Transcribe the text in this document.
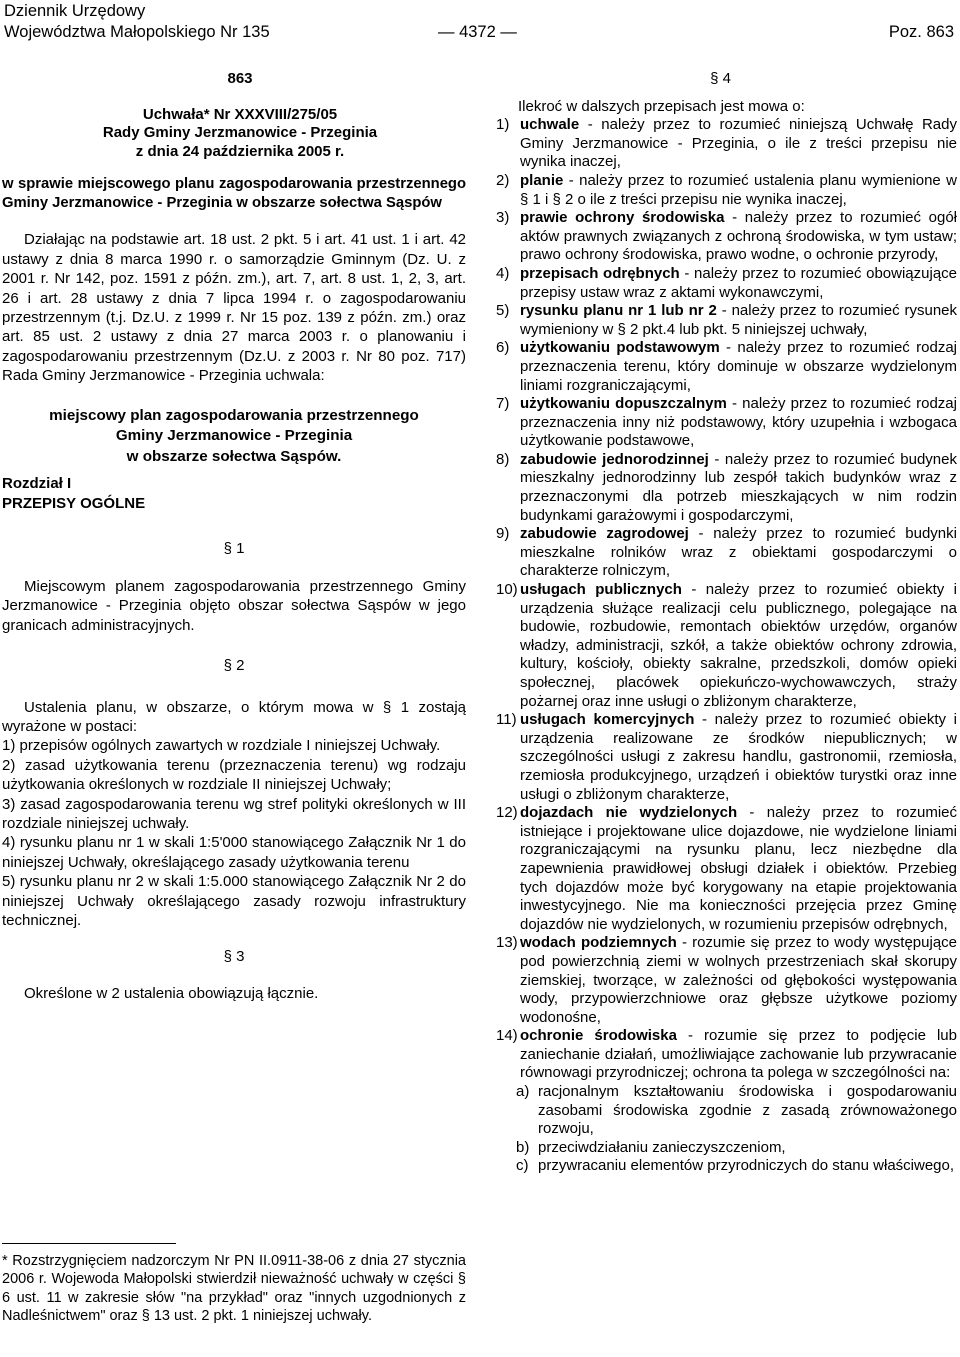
Dziennik Urzędowy
Województwa Małopolskiego Nr 135	— 4372 —	Poz. 863
863
Uchwała* Nr XXXVIII/275/05
Rady Gminy Jerzmanowice - Przeginia
z dnia 24 października 2005 r.
w sprawie miejscowego planu zagospodarowania przestrzennego Gminy Jerzmanowice - Przeginia w obszarze sołectwa Sąspów
Działając na podstawie art. 18 ust. 2 pkt. 5 i art. 41 ust. 1 i art. 42 ustawy z dnia 8 marca 1990 r. o samorządzie Gminnym (Dz. U. z 2001 r. Nr 142, poz. 1591 z późn. zm.), art. 7, art. 8 ust. 1, 2, 3, art. 26 i art. 28 ustawy z dnia 7 lipca 1994 r. o zagospodarowaniu przestrzennym (t.j. Dz.U. z 1999 r. Nr 15 poz. 139 z późn. zm.) oraz art. 85 ust. 2 ustawy z dnia 27 marca 2003 r. o planowaniu i zagospodarowaniu przestrzennym (Dz.U. z 2003 r. Nr 80 poz. 717) Rada Gminy Jerzmanowice - Przeginia uchwala:
miejscowy plan zagospodarowania przestrzennego
Gminy Jerzmanowice - Przeginia
w obszarze sołectwa Sąspów.
Rozdział I
PRZEPISY OGÓLNE
§ 1
Miejscowym planem zagospodarowania przestrzennego Gminy Jerzmanowice - Przeginia objęto obszar sołectwa Sąspów w jego granicach administracyjnych.
§ 2
Ustalenia planu, w obszarze, o którym mowa w § 1 zostają wyrażone w postaci:
1) przepisów ogólnych zawartych w rozdziale I niniejszej Uchwały.
2) zasad użytkowania terenu (przeznaczenia terenu) wg rodzaju użytkowania określonych w rozdziale II niniejszej Uchwały;
3) zasad zagospodarowania terenu wg stref polityki określonych w III rozdziale niniejszej uchwały.
4) rysunku planu nr 1 w skali 1:5'000 stanowiącego Załącznik Nr 1 do niniejszej Uchwały, określającego zasady użytkowania terenu
5) rysunku planu nr 2 w skali 1:5.000 stanowiącego Załącznik Nr 2 do niniejszej Uchwały określającego zasady rozwoju infrastruktury technicznej.
§ 3
Określone w 2 ustalenia obowiązują łącznie.
* Rozstrzygnięciem nadzorczym Nr PN II.0911-38-06 z dnia 27 stycznia 2006 r. Wojewoda Małopolski stwierdził nieważność uchwały w części § 6 ust. 11 w zakresie słów "na przykład" oraz "innych uzgodnionych z Nadleśnictwem" oraz § 13 ust. 2 pkt. 1 niniejszej uchwały.
§ 4
Ilekroć w dalszych przepisach jest mowa o:
1) uchwale - należy przez to rozumieć niniejszą Uchwałę Rady Gminy Jerzmanowice - Przeginia, o ile z treści przepisu nie wynika inaczej,
2) planie - należy przez to rozumieć ustalenia planu wymienione w § 1 i § 2 o ile z treści przepisu nie wynika inaczej,
3) prawie ochrony środowiska - należy przez to rozumieć ogół aktów prawnych związanych z ochroną środowiska, w tym ustaw; prawo ochrony środowiska, prawo wodne, o ochronie przyrody,
4) przepisach odrębnych - należy przez to rozumieć obowiązujące przepisy ustaw wraz z aktami wykonawczymi,
5) rysunku planu nr 1 lub nr 2 - należy przez to rozumieć rysunek wymieniony w § 2 pkt.4 lub pkt. 5 niniejszej uchwały,
6) użytkowaniu podstawowym - należy przez to rozumieć rodzaj przeznaczenia terenu, który dominuje w obszarze wydzielonym liniami rozgraniczającymi,
7) użytkowaniu dopuszczalnym - należy przez to rozumieć rodzaj przeznaczenia inny niż podstawowy, który uzupełnia i wzbogaca użytkowanie podstawowe,
8) zabudowie jednorodzinnej - należy przez to rozumieć budynek mieszkalny jednorodzinny lub zespół takich budynków wraz z przeznaczonymi dla potrzeb mieszkających w nim rodzin budynkami garażowymi i gospodarczymi,
9) zabudowie zagrodowej - należy przez to rozumieć budynki mieszkalne rolników wraz z obiektami gospodarczymi o charakterze rolniczym,
10) usługach publicznych - należy przez to rozumieć obiekty i urządzenia służące realizacji celu publicznego, polegające na budowie, rozbudowie, remontach obiektów urzędów, organów władzy, administracji, szkół, a także obiektów ochrony zdrowia, kultury, kościoły, obiekty sakralne, przedszkoli, domów opieki społecznej, placówek opiekuńczo-wychowawczych, straży pożarnej oraz inne usługi o zbliżonym charakterze,
11) usługach komercyjnych - należy przez to rozumieć obiekty i urządzenia realizowane ze środków niepublicznych; w szczególności usługi z zakresu handlu, gastronomii, rzemiosła, rzemiosła produkcyjnego, urządzeń i obiektów turystki oraz inne usługi o zbliżonym charakterze,
12) dojazdach nie wydzielonych - należy przez to rozumieć istniejące i projektowane ulice dojazdowe, nie wydzielone liniami rozgraniczającymi na rysunku planu, lecz niezbędne dla zapewnienia prawidłowej obsługi działek i obiektów. Przebieg tych dojazdów może być korygowany na etapie projektowania inwestycyjnego. Nie ma konieczności przejęcia przez Gminę dojazdów nie wydzielonych, w rozumieniu przepisów odrębnych,
13) wodach podziemnych - rozumie się przez to wody występujące pod powierzchnią ziemi w wolnych przestrzeniach skał skorupy ziemskiej, tworzące, w zależności od głębokości występowania wody, przypowierzchniowe oraz głębsze użytkowe poziomy wodonośne,
14) ochronie środowiska - rozumie się przez to podjęcie lub zaniechanie działań, umożliwiające zachowanie lub przywracanie równowagi przyrodniczej; ochrona ta polega w szczególności na:
a) racjonalnym kształtowaniu środowiska i gospodarowaniu zasobami środowiska zgodnie z zasadą zrównoważonego rozwoju,
b) przeciwdziałaniu zanieczyszczeniom,
c) przywracaniu elementów przyrodniczych do stanu właściwego,
